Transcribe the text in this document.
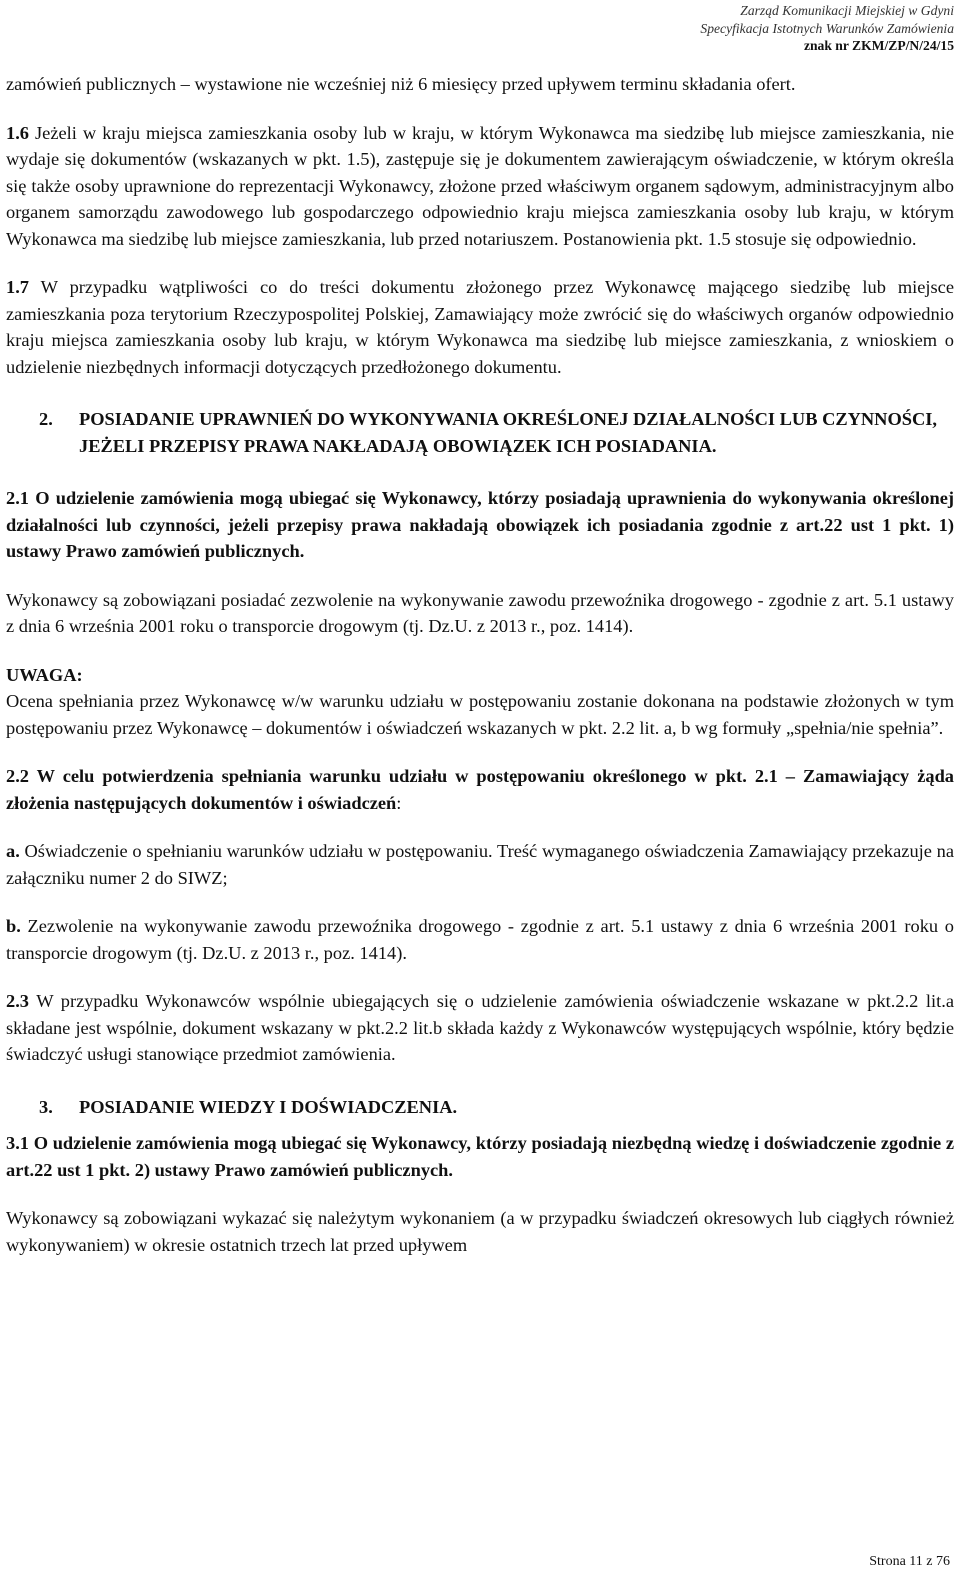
Zarząd Komunikacji Miejskiej w Gdyni
Specyfikacja Istotnych Warunków Zamówienia
znak nr ZKM/ZP/N/24/15

zamówień publicznych – wystawione nie wcześniej niż 6 miesięcy przed upływem terminu składania ofert.

1.6 Jeżeli w kraju miejsca zamieszkania osoby lub w kraju, w którym Wykonawca ma siedzibę lub miejsce zamieszkania, nie wydaje się dokumentów (wskazanych w pkt. 1.5), zastępuje się je dokumentem zawierającym oświadczenie, w którym określa się także osoby uprawnione do reprezentacji Wykonawcy, złożone przed właściwym organem sądowym, administracyjnym albo organem samorządu zawodowego lub gospodarczego odpowiednio kraju miejsca zamieszkania osoby lub kraju, w którym Wykonawca ma siedzibę lub miejsce zamieszkania, lub przed notariuszem. Postanowienia pkt. 1.5 stosuje się odpowiednio.

1.7 W przypadku wątpliwości co do treści dokumentu złożonego przez Wykonawcę mającego siedzibę lub miejsce zamieszkania poza terytorium Rzeczypospolitej Polskiej, Zamawiający może zwrócić się do właściwych organów odpowiednio kraju miejsca zamieszkania osoby lub kraju, w którym Wykonawca ma siedzibę lub miejsce zamieszkania, z wnioskiem o udzielenie niezbędnych informacji dotyczących przedłożonego dokumentu.

2. POSIADANIE UPRAWNIEŃ DO WYKONYWANIA OKREŚLONEJ DZIAŁALNOŚCI LUB CZYNNOŚCI, JEŻELI PRZEPISY PRAWA NAKŁADAJĄ OBOWIĄZEK ICH POSIADANIA.

2.1 O udzielenie zamówienia mogą ubiegać się Wykonawcy, którzy posiadają uprawnienia do wykonywania określonej działalności lub czynności, jeżeli przepisy prawa nakładają obowiązek ich posiadania zgodnie z art.22 ust 1 pkt. 1) ustawy Prawo zamówień publicznych.

Wykonawcy są zobowiązani posiadać zezwolenie na wykonywanie zawodu przewoźnika drogowego - zgodnie z art. 5.1 ustawy z dnia 6 września 2001 roku o transporcie drogowym (tj. Dz.U. z 2013 r., poz. 1414).

UWAGA:

Ocena spełniania przez Wykonawcę w/w warunku udziału w postępowaniu zostanie dokonana na podstawie złożonych w tym postępowaniu przez Wykonawcę – dokumentów i oświadczeń wskazanych w pkt. 2.2 lit. a, b wg formuły „spełnia/nie spełnia”.

2.2 W celu potwierdzenia spełniania warunku udziału w postępowaniu określonego w pkt. 2.1 – Zamawiający żąda złożenia następujących dokumentów i oświadczeń:

a. Oświadczenie o spełnianiu warunków udziału w postępowaniu. Treść wymaganego oświadczenia Zamawiający przekazuje na załączniku numer 2 do SIWZ;

b. Zezwolenie na wykonywanie zawodu przewoźnika drogowego - zgodnie z art. 5.1 ustawy z dnia 6 września 2001 roku o transporcie drogowym (tj. Dz.U. z 2013 r., poz. 1414).

2.3 W przypadku Wykonawców wspólnie ubiegających się o udzielenie zamówienia oświadczenie wskazane w pkt.2.2 lit.a składane jest wspólnie, dokument wskazany w pkt.2.2 lit.b składa każdy z Wykonawców występujących wspólnie, który będzie świadczyć usługi stanowiące przedmiot zamówienia.

3. POSIADANIE WIEDZY I DOŚWIADCZENIA.

3.1 O udzielenie zamówienia mogą ubiegać się Wykonawcy, którzy posiadają niezbędną wiedzę i doświadczenie zgodnie z art.22 ust 1 pkt. 2) ustawy Prawo zamówień publicznych.

Wykonawcy są zobowiązani wykazać się należytym wykonaniem (a w przypadku świadczeń okresowych lub ciągłych również wykonywaniem) w okresie ostatnich trzech lat przed upływem

Strona 11 z 76
